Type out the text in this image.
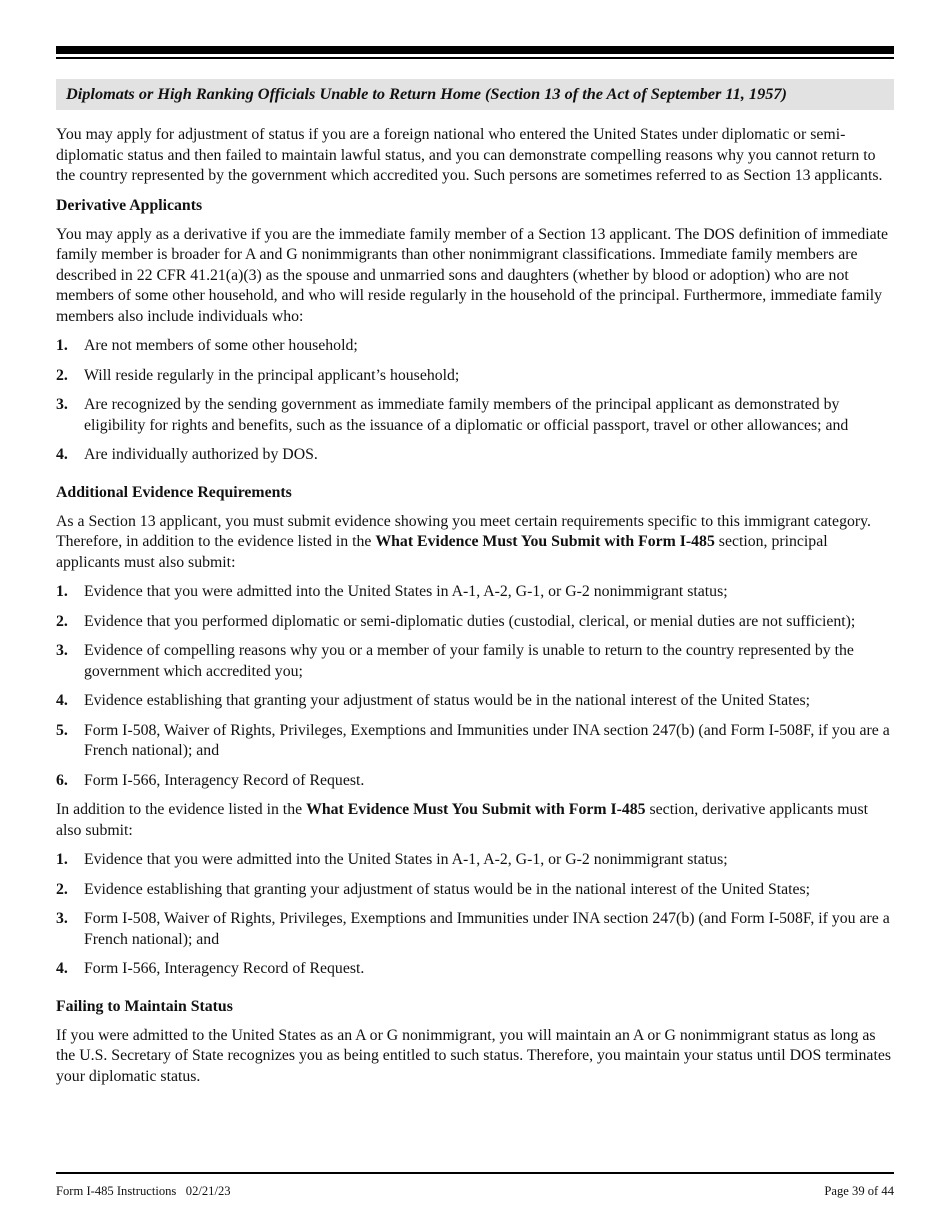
Diplomats or High Ranking Officials Unable to Return Home (Section 13 of the Act of September 11, 1957)

You may apply for adjustment of status if you are a foreign national who entered the United States under diplomatic or semi-diplomatic status and then failed to maintain lawful status, and you can demonstrate compelling reasons why you cannot return to the country represented by the government which accredited you. Such persons are sometimes referred to as Section 13 applicants.

Derivative Applicants

You may apply as a derivative if you are the immediate family member of a Section 13 applicant. The DOS definition of immediate family member is broader for A and G nonimmigrants than other nonimmigrant classifications. Immediate family members are described in 22 CFR 41.21(a)(3) as the spouse and unmarried sons and daughters (whether by blood or adoption) who are not members of some other household, and who will reside regularly in the household of the principal. Furthermore, immediate family members also include individuals who:

1. Are not members of some other household;
2. Will reside regularly in the principal applicant’s household;
3. Are recognized by the sending government as immediate family members of the principal applicant as demonstrated by eligibility for rights and benefits, such as the issuance of a diplomatic or official passport, travel or other allowances; and
4. Are individually authorized by DOS.
Additional Evidence Requirements

As a Section 13 applicant, you must submit evidence showing you meet certain requirements specific to this immigrant category. Therefore, in addition to the evidence listed in the What Evidence Must You Submit with Form I-485 section, principal applicants must also submit:

1. Evidence that you were admitted into the United States in A-1, A-2, G-1, or G-2 nonimmigrant status;
2. Evidence that you performed diplomatic or semi-diplomatic duties (custodial, clerical, or menial duties are not sufficient);
3. Evidence of compelling reasons why you or a member of your family is unable to return to the country represented by the government which accredited you;
4. Evidence establishing that granting your adjustment of status would be in the national interest of the United States;
5. Form I-508, Waiver of Rights, Privileges, Exemptions and Immunities under INA section 247(b) (and Form I-508F, if you are a French national); and
6. Form I-566, Interagency Record of Request.

In addition to the evidence listed in the What Evidence Must You Submit with Form I-485 section, derivative applicants must also submit:

1. Evidence that you were admitted into the United States in A-1, A-2, G-1, or G-2 nonimmigrant status;
2. Evidence establishing that granting your adjustment of status would be in the national interest of the United States;
3. Form I-508, Waiver of Rights, Privileges, Exemptions and Immunities under INA section 247(b) (and Form I-508F, if you are a French national); and
4. Form I-566, Interagency Record of Request.
Failing to Maintain Status

If you were admitted to the United States as an A or G nonimmigrant, you will maintain an A or G nonimmigrant status as long as the U.S. Secretary of State recognizes you as being entitled to such status. Therefore, you maintain your status until DOS terminates your diplomatic status.

Form I-485 Instructions   02/21/23	Page 39 of 44
